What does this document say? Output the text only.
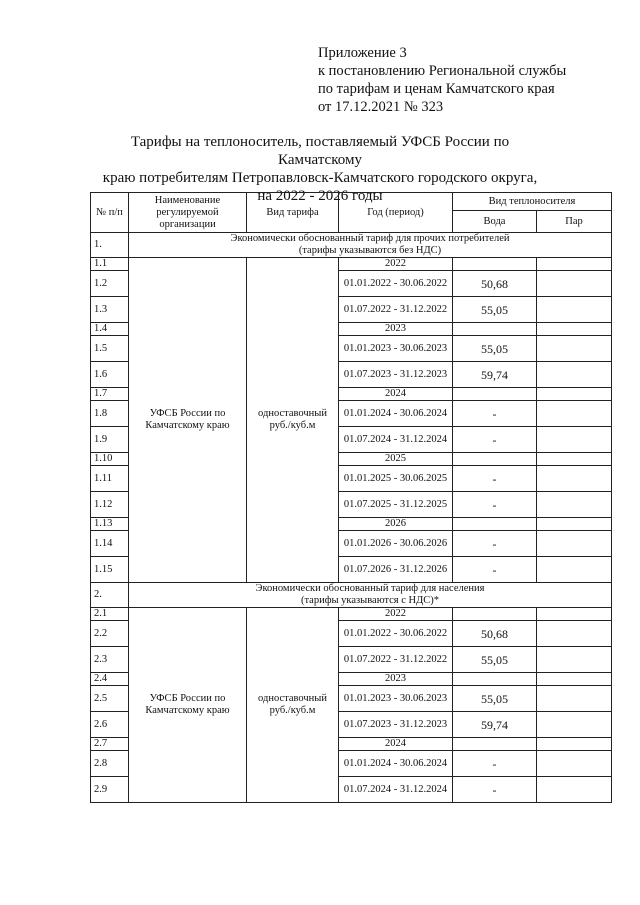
Приложение 3
к постановлению Региональной службы
по тарифам и ценам Камчатского края
от 17.12.2021 № 323
Тарифы на теплоноситель, поставляемый УФСБ России по Камчатскому
краю потребителям Петропавловск-Камчатского городского округа,
на 2022 - 2026 годы
№ п/п	Наименование регулируемой организации	Вид тарифа	Год (период)	Вид теплоносителя	
				Вода	Пар
1.	Экономически обоснованный тариф для прочих потребителей
(тарифы указываются без НДС)				

1.1	УФСБ России по Камчатскому краю	одноставочный руб./куб.м	2022		
1.2			01.01.2022 - 30.06.2022	50,68	
1.3			01.07.2022 - 31.12.2022	55,05	
1.4			2023		
1.5			01.01.2023 - 30.06.2023	55,05	
1.6			01.07.2023 - 31.12.2023	59,74	
1.7			2024		
1.8			01.01.2024 - 30.06.2024	-	
1.9			01.07.2024 - 31.12.2024	-	
1.10			2025		
1.11			01.01.2025 - 30.06.2025	-	
1.12			01.07.2025 - 31.12.2025	-	
1.13			2026		
1.14			01.01.2026 - 30.06.2026	-	
1.15			01.07.2026 - 31.12.2026	-	
2.	Экономически обоснованный тариф для населения
(тарифы указываются с НДС)*				

2.1	УФСБ России по Камчатскому краю	одноставочный руб./куб.м	2022		
2.2			01.01.2022 - 30.06.2022	50,68	
2.3			01.07.2022 - 31.12.2022	55,05	
2.4			2023		
2.5			01.01.2023 - 30.06.2023	55,05	
2.6			01.07.2023 - 31.12.2023	59,74	
2.7			2024		
2.8			01.01.2024 - 30.06.2024	-	
2.9			01.07.2024 - 31.12.2024	-	
